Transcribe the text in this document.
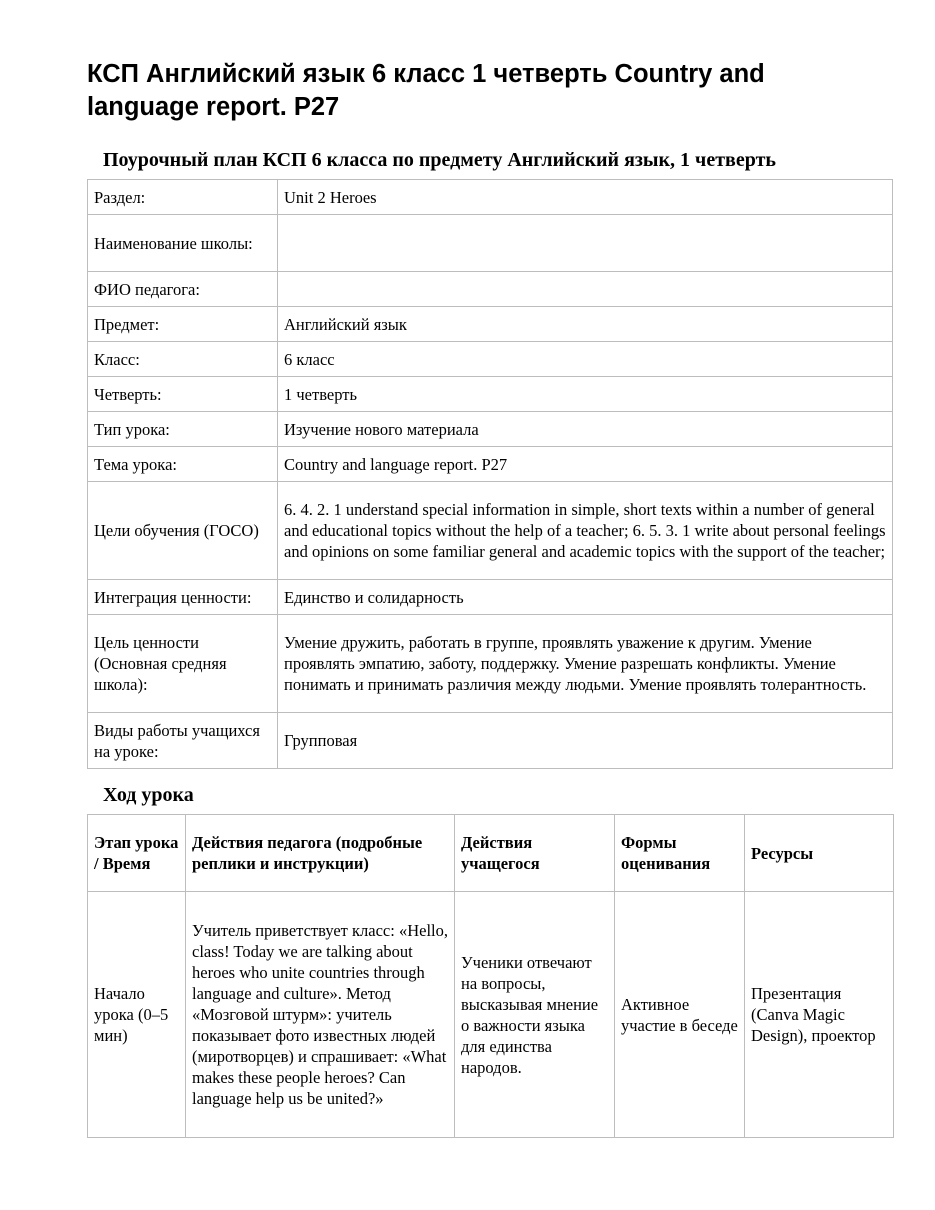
КСП Английский язык 6 класс 1 четверть Country and language report. P27
Поурочный план КСП 6 класса по предмету Английский язык, 1 четверть
Раздел:	Unit 2 Heroes
Наименование школы:	
ФИО педагога:	
Предмет:	Английский язык
Класс:	6 класс
Четверть:	1 четверть
Тип урока:	Изучение нового материала
Тема урока:	Country and language report. P27
Цели обучения (ГОСО)	6. 4. 2. 1 understand special information in simple, short texts within a number of general and educational topics without the help of a teacher; 6. 5. 3. 1 write about personal feelings and opinions on some familiar general and academic topics with the support of the teacher;
Интеграция ценности:	Единство и солидарность
Цель ценности (Основная средняя школа):	Умение дружить, работать в группе, проявлять уважение к другим. Умение проявлять эмпатию, заботу, поддержку. Умение разрешать конфликты. Умение понимать и принимать различия между людьми. Умение проявлять толерантность.
Виды работы учащихся на уроке:	Групповая
Ход урока
Этап урока / Время	Действия педагога (подробные реплики и инструкции)	Действия учащегося	Формы оценивания	Ресурсы
Начало урока (0–5 мин)	Учитель приветствует класс: «Hello, class! Today we are talking about heroes who unite countries through language and culture». Метод «Мозговой штурм»: учитель показывает фото известных людей (миротворцев) и спрашивает: «What makes these people heroes? Can language help us be united?»	Ученики отвечают на вопросы, высказывая мнение о важности языка для единства народов.	Активное участие в беседе	Презентация (Canva Magic Design), проектор
